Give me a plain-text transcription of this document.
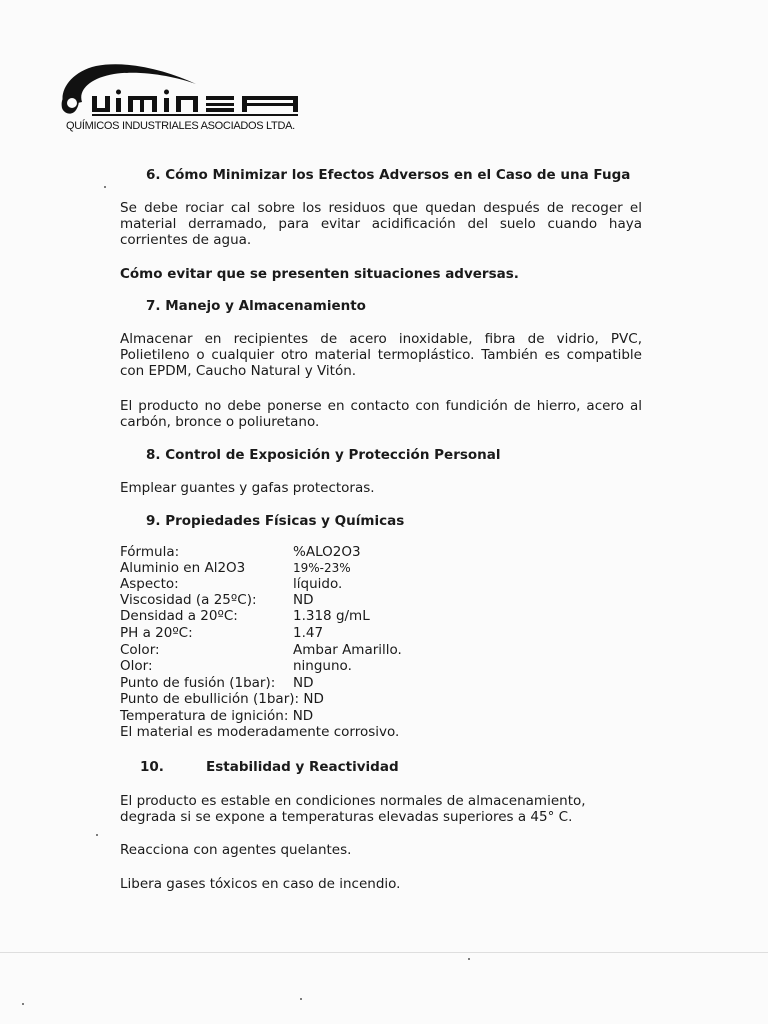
QUÍMICOS INDUSTRIALES ASOCIADOS LTDA.
6. Cómo Minimizar los Efectos Adversos en el Caso de una Fuga
Se debe rociar cal sobre los residuos que quedan después de recoger el material derramado, para evitar acidificación del suelo cuando haya corrientes de agua.
Cómo evitar que se presenten situaciones adversas.
7. Manejo y Almacenamiento
Almacenar en recipientes de acero inoxidable, fibra de vidrio, PVC, Polietileno o cualquier otro material termoplástico. También es compatible con EPDM, Caucho Natural y Vitón.
El producto no debe ponerse en contacto con fundición de hierro, acero al carbón, bronce o poliuretano.
8. Control de Exposición y Protección Personal
Emplear guantes y gafas protectoras.
9. Propiedades Físicas y Químicas
Fórmula:	%ALO2O3
Aluminio en Al2O3	19%-23%
Aspecto:	líquido.
Viscosidad (a 25ºC):	ND
Densidad a 20ºC:	1.318 g/mL
PH a 20ºC:	1.47
Color:	Ambar Amarillo.
Olor:	ninguno.
Punto de fusión (1bar): ND
Punto de ebullición (1bar): ND
Temperatura de ignición: ND
El material es moderadamente corrosivo.
10.	Estabilidad y Reactividad
El producto es estable en condiciones normales de almacenamiento, degrada si se expone a temperaturas elevadas superiores a 45° C.
Reacciona con agentes quelantes.
Libera gases tóxicos en caso de incendio.
